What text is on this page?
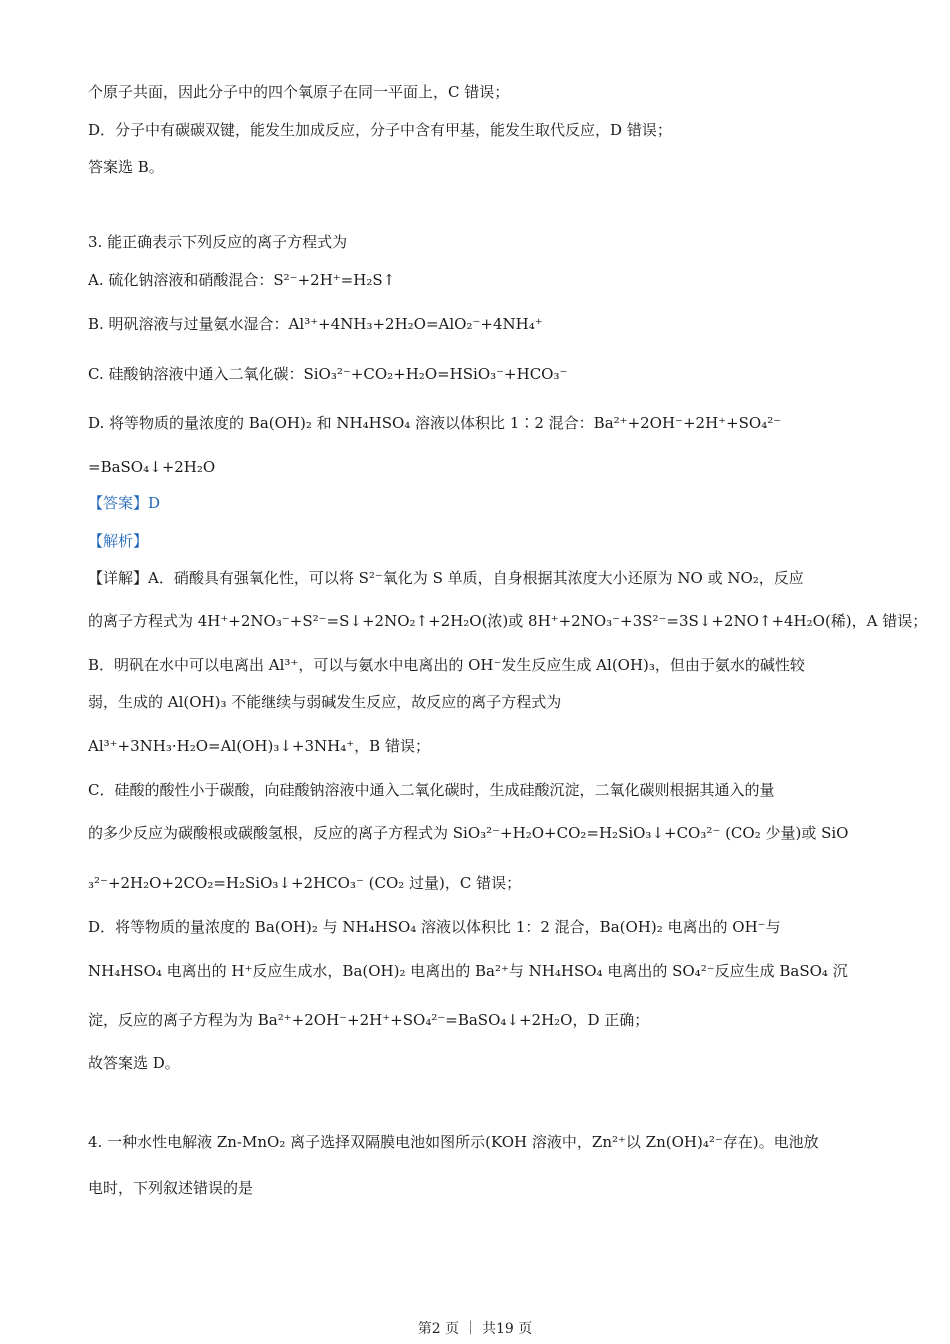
个原子共面，因此分子中的四个氧原子在同一平面上，C 错误；
D．分子中有碳碳双键，能发生加成反应，分子中含有甲基，能发生取代反应，D 错误；
答案选 B。
3. 能正确表示下列反应的离子方程式为
A. 硫化钠溶液和硝酸混合：S²⁻+2H⁺=H₂S↑
B. 明矾溶液与过量氨水湿合：Al³⁺+4NH₃+2H₂O=AlO₂⁻+4NH₄⁺
C. 硅酸钠溶液中通入二氧化碳：SiO₃²⁻+CO₂+H₂O=HSiO₃⁻+HCO₃⁻
D. 将等物质的量浓度的 Ba(OH)₂ 和 NH₄HSO₄ 溶液以体积比 1∶2 混合：Ba²⁺+2OH⁻+2H⁺+SO₄²⁻
=BaSO₄↓+2H₂O
【答案】D
【解析】
【详解】A．硝酸具有强氧化性，可以将 S²⁻氧化为 S 单质，自身根据其浓度大小还原为 NO 或 NO₂，反应
的离子方程式为 4H⁺+2NO₃⁻+S²⁻=S↓+2NO₂↑+2H₂O(浓)或 8H⁺+2NO₃⁻+3S²⁻=3S↓+2NO↑+4H₂O(稀)，A 错误；
B．明矾在水中可以电离出 Al³⁺，可以与氨水中电离出的 OH⁻发生反应生成 Al(OH)₃，但由于氨水的碱性较
弱，生成的 Al(OH)₃ 不能继续与弱碱发生反应，故反应的离子方程式为
Al³⁺+3NH₃·H₂O=Al(OH)₃↓+3NH₄⁺，B 错误；
C．硅酸的酸性小于碳酸，向硅酸钠溶液中通入二氧化碳时，生成硅酸沉淀，二氧化碳则根据其通入的量
的多少反应为碳酸根或碳酸氢根，反应的离子方程式为 SiO₃²⁻+H₂O+CO₂=H₂SiO₃↓+CO₃²⁻ (CO₂ 少量)或 SiO
₃²⁻+2H₂O+2CO₂=H₂SiO₃↓+2HCO₃⁻ (CO₂ 过量)，C 错误；
D．将等物质的量浓度的 Ba(OH)₂ 与 NH₄HSO₄ 溶液以体积比 1：2 混合，Ba(OH)₂ 电离出的 OH⁻与
NH₄HSO₄ 电离出的 H⁺反应生成水，Ba(OH)₂ 电离出的 Ba²⁺与 NH₄HSO₄ 电离出的 SO₄²⁻反应生成 BaSO₄ 沉
淀，反应的离子方程为为 Ba²⁺+2OH⁻+2H⁺+SO₄²⁻=BaSO₄↓+2H₂O，D 正确；
故答案选 D。
4. 一种水性电解液 Zn-MnO₂ 离子选择双隔膜电池如图所示(KOH 溶液中，Zn²⁺以 Zn(OH)₄²⁻存在)。电池放
电时，下列叙述错误的是
第2 页 ｜ 共19 页
